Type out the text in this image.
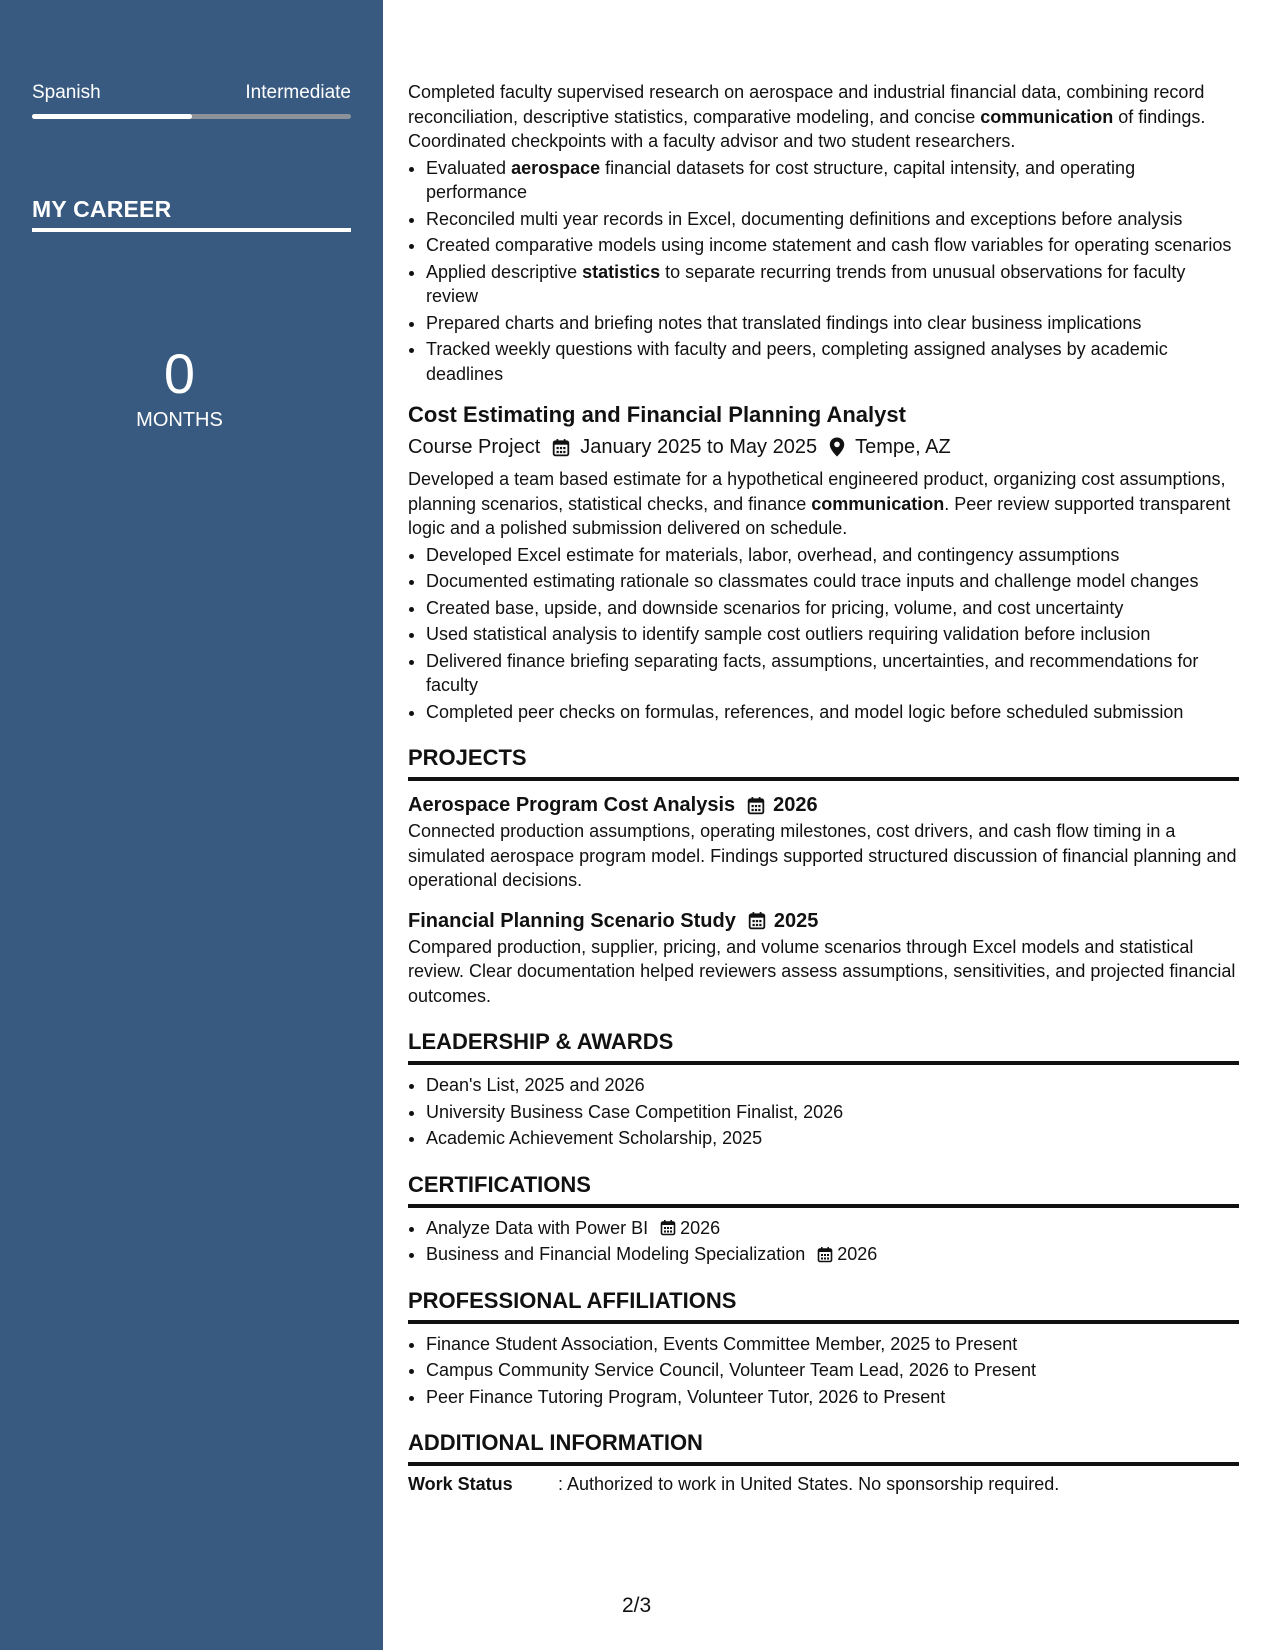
Spanish	Intermediate
MY CAREER
0
MONTHS

Completed faculty supervised research on aerospace and industrial financial data, combining record reconciliation, descriptive statistics, comparative modeling, and concise communication of findings. Coordinated checkpoints with a faculty advisor and two student researchers.

• Evaluated aerospace financial datasets for cost structure, capital intensity, and operating performance
• Reconciled multi year records in Excel, documenting definitions and exceptions before analysis
• Created comparative models using income statement and cash flow variables for operating scenarios
• Applied descriptive statistics to separate recurring trends from unusual observations for faculty review
• Prepared charts and briefing notes that translated findings into clear business implications
• Tracked weekly questions with faculty and peers, completing assigned analyses by academic deadlines
Cost Estimating and Financial Planning Analyst
Course Project January 2025 to May 2025 Tempe, AZ

Developed a team based estimate for a hypothetical engineered product, organizing cost assumptions, planning scenarios, statistical checks, and finance communication. Peer review supported transparent logic and a polished submission delivered on schedule.

• Developed Excel estimate for materials, labor, overhead, and contingency assumptions
• Documented estimating rationale so classmates could trace inputs and challenge model changes
• Created base, upside, and downside scenarios for pricing, volume, and cost uncertainty
• Used statistical analysis to identify sample cost outliers requiring validation before inclusion
• Delivered finance briefing separating facts, assumptions, uncertainties, and recommendations for faculty
• Completed peer checks on formulas, references, and model logic before scheduled submission
PROJECTS
Aerospace Program Cost Analysis 2026

Connected production assumptions, operating milestones, cost drivers, and cash flow timing in a simulated aerospace program model. Findings supported structured discussion of financial planning and operational decisions.

Financial Planning Scenario Study 2025

Compared production, supplier, pricing, and volume scenarios through Excel models and statistical review. Clear documentation helped reviewers assess assumptions, sensitivities, and projected financial outcomes.

LEADERSHIP & AWARDS
• Dean's List, 2025 and 2026
• University Business Case Competition Finalist, 2026
• Academic Achievement Scholarship, 2025
CERTIFICATIONS
• Analyze Data with Power BI 2026
• Business and Financial Modeling Specialization 2026
PROFESSIONAL AFFILIATIONS
• Finance Student Association, Events Committee Member, 2025 to Present
• Campus Community Service Council, Volunteer Team Lead, 2026 to Present
• Peer Finance Tutoring Program, Volunteer Tutor, 2026 to Present
ADDITIONAL INFORMATION
Work Status	: Authorized to work in United States. No sponsorship required.
2/3
